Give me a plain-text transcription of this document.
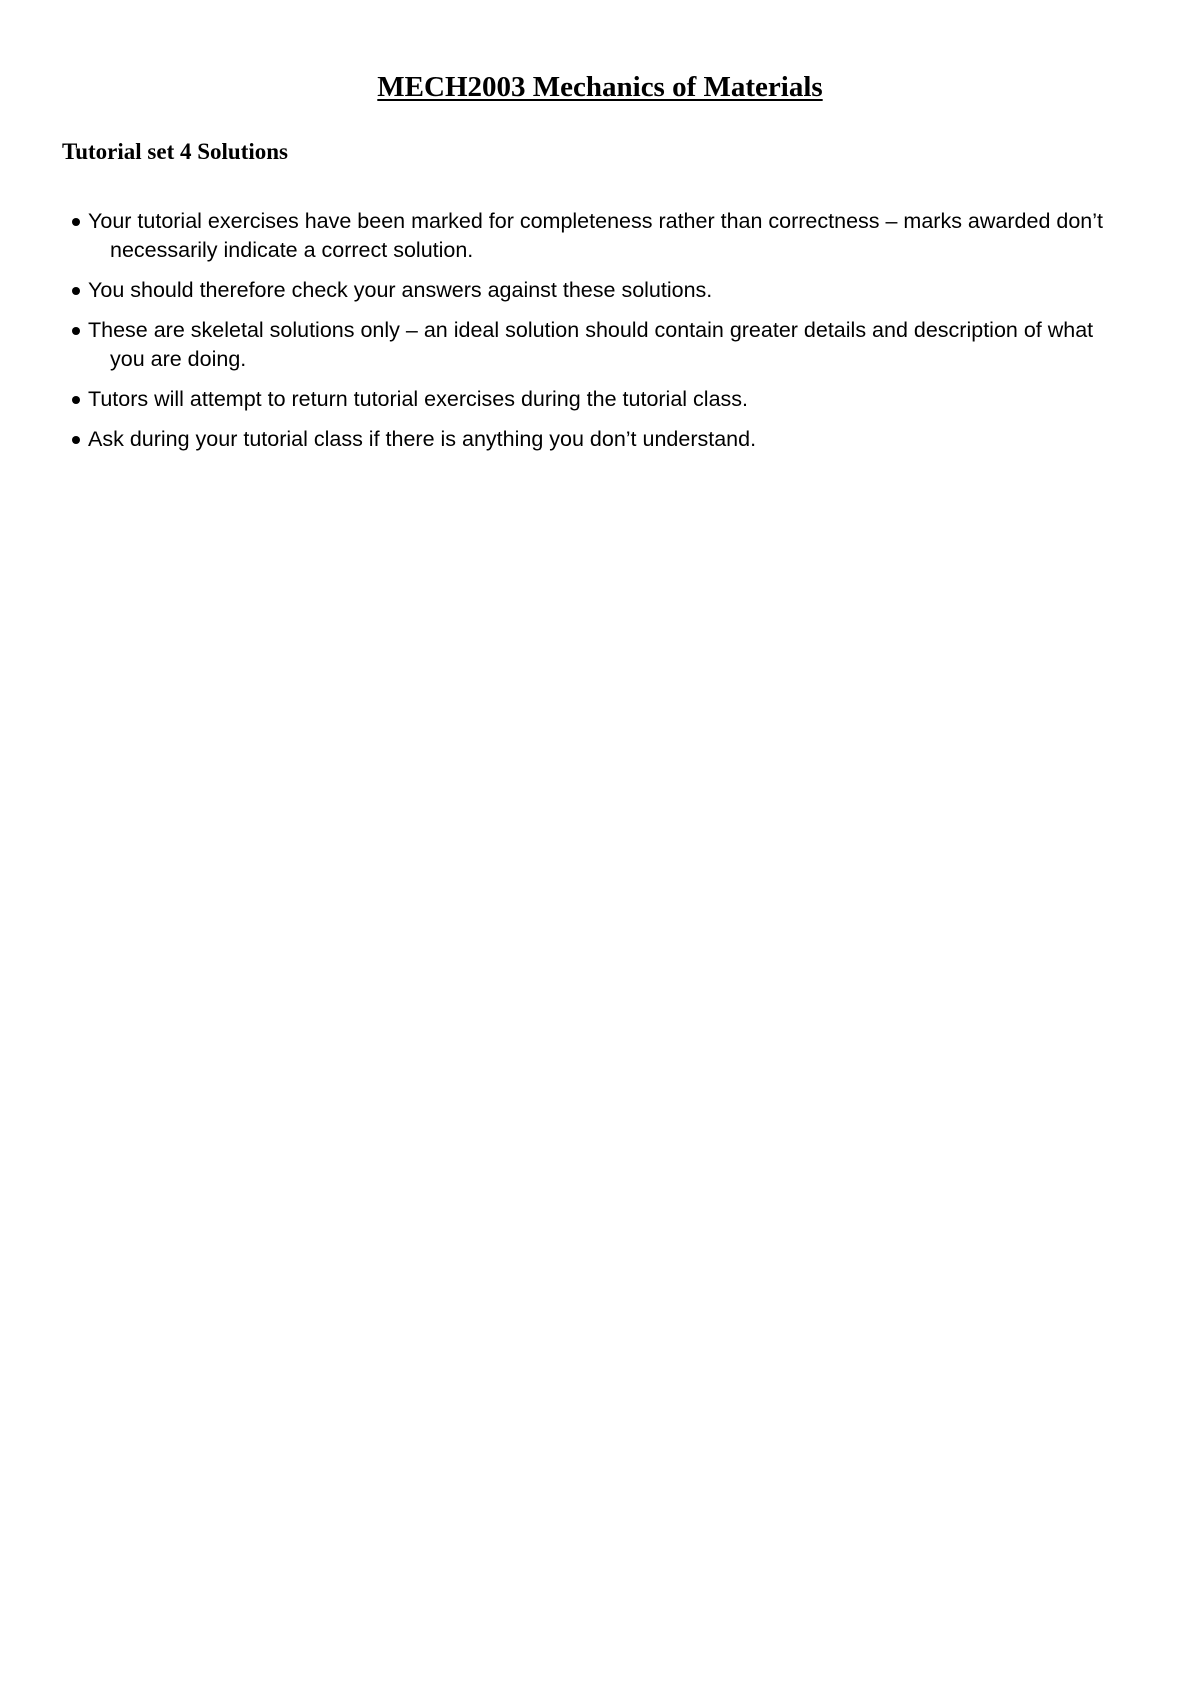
MECH2003 Mechanics of Materials
Tutorial set 4 Solutions
Your tutorial exercises have been marked for completeness rather than correctness – marks awarded don’t necessarily indicate a correct solution.
You should therefore check your answers against these solutions.
These are skeletal solutions only – an ideal solution should contain greater details and description of what you are doing.
Tutors will attempt to return tutorial exercises during the tutorial class.
Ask during your tutorial class if there is anything you don’t understand.
